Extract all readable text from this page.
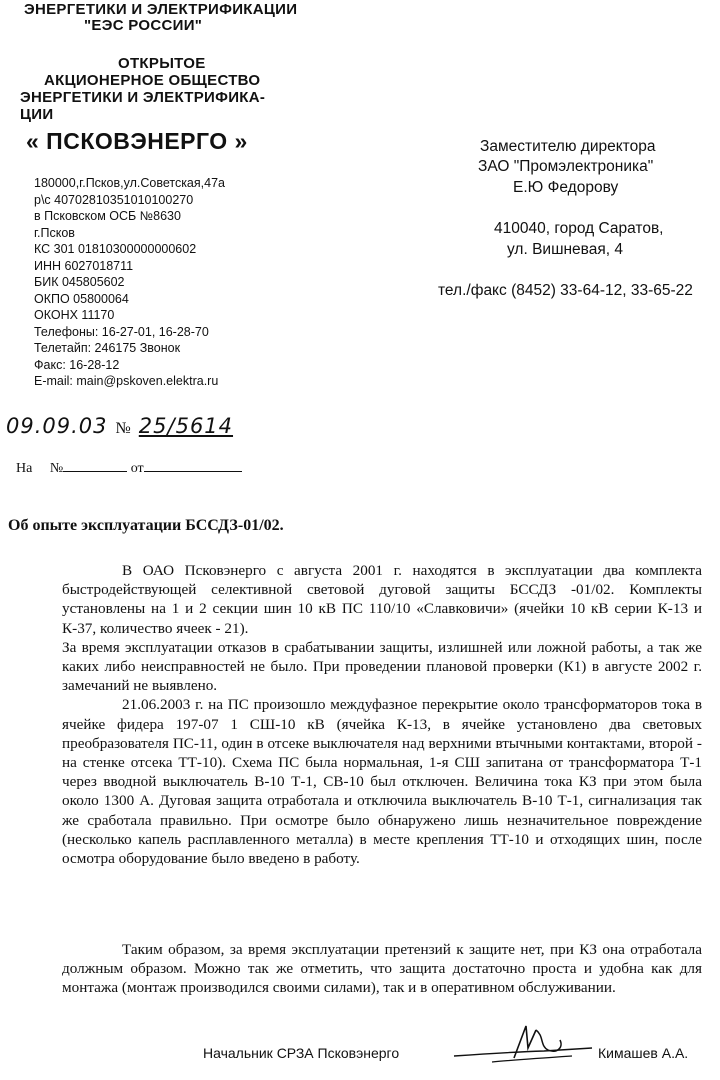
ЭНЕРГЕТИКИ И ЭЛЕКТРИФИКАЦИИ
"ЕЭС РОССИИ"
ОТКРЫТОЕ
АКЦИОНЕРНОЕ ОБЩЕСТВО
ЭНЕРГЕТИКИ И ЭЛЕКТРИФИКА-
ЦИИ
« ПСКОВЭНЕРГО »
180000,г.Псков,ул.Советская,47а
р\с 40702810351010100270
в Псковском ОСБ №8630
г.Псков
КС 301 01810300000000602
ИНН 6027018711
БИК 045805602
ОКПО 05800064
ОКОНХ 11170
Телефоны: 16-27-01, 16-28-70
Телетайп: 246175 Звонок
Факс: 16-28-12
E-mail: main@pskoven.elektra.ru
Заместителю директора
ЗАО "Промэлектроника"
Е.Ю Федорову
410040, город Саратов,
ул. Вишневая, 4
тел./факс (8452) 33-64-12, 33-65-22
09.09.03 № 25/5614
На №	от
Об опыте эксплуатации БССДЗ-01/02.

В ОАО Псковэнерго с августа 2001 г. находятся в эксплуатации два комплекта быстродействующей селективной световой дуговой защиты БССДЗ -01/02. Комплекты установлены на 1 и 2 секции шин 10 кВ ПС 110/10 «Славковичи» (ячейки 10 кВ серии К-13 и К-37, количество ячеек - 21).

За время эксплуатации отказов в срабатывании защиты, излишней или ложной работы, а так же каких либо неисправностей не было. При проведении плановой проверки (К1) в августе 2002 г. замечаний не выявлено.

21.06.2003 г. на ПС произошло междуфазное перекрытие около трансформаторов тока в ячейке фидера 197-07 1 СШ-10 кВ (ячейка К-13, в ячейке установлено два световых преобразователя ПС-11, один в отсеке выключателя над верхними втычными контактами, второй - на стенке отсека ТТ-10). Схема ПС была нормальная, 1-я СШ запитана от трансформатора Т-1 через вводной выключатель В-10 Т-1, СВ-10 был отключен. Величина тока КЗ при этом была около 1300 А. Дуговая защита отработала и отключила выключатель В-10 Т-1, сигнализация так же сработала правильно. При осмотре было обнаружено лишь незначительное повреждение (несколько капель расплавленного металла) в месте крепления ТТ-10 и отходящих шин, после осмотра оборудование было введено в работу.

Таким образом, за время эксплуатации претензий к защите нет, при КЗ она отработала должным образом. Можно так же отметить, что защита достаточно проста и удобна как для монтажа (монтаж производился своими силами), так и в оперативном обслуживании.

Начальник СРЗА Псковэнерго	Кимашев А.А.
